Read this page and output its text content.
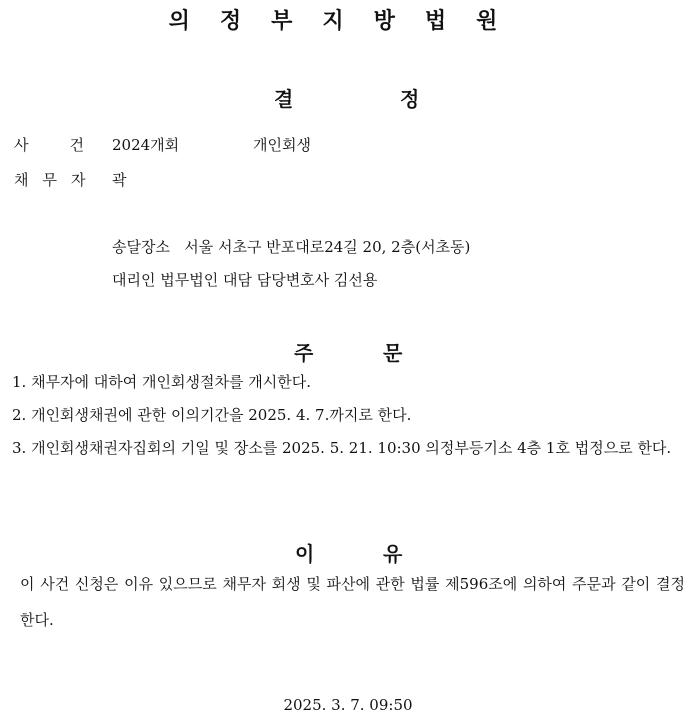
의정부지방법원
결	정
사 건 2024개회	개인회생
채무자 곽
송달장소   서울 서초구 반포대로24길 20, 2층(서초동)
대리인 법무법인 대담 담당변호사 김선용
주	문
1. 채무자에 대하여 개인회생절차를 개시한다.
2. 개인회생채권에 관한 이의기간을 2025. 4. 7.까지로 한다.
3. 개인회생채권자집회의 기일 및 장소를 2025. 5. 21. 10:30 의정부등기소 4층 1호 법정으로 한다.
이	유
이 사건 신청은 이유 있으므로 채무자 회생 및 파산에 관한 법률 제596조에 의하여 주문과 같이 결정한다.
2025. 3. 7. 09:50
